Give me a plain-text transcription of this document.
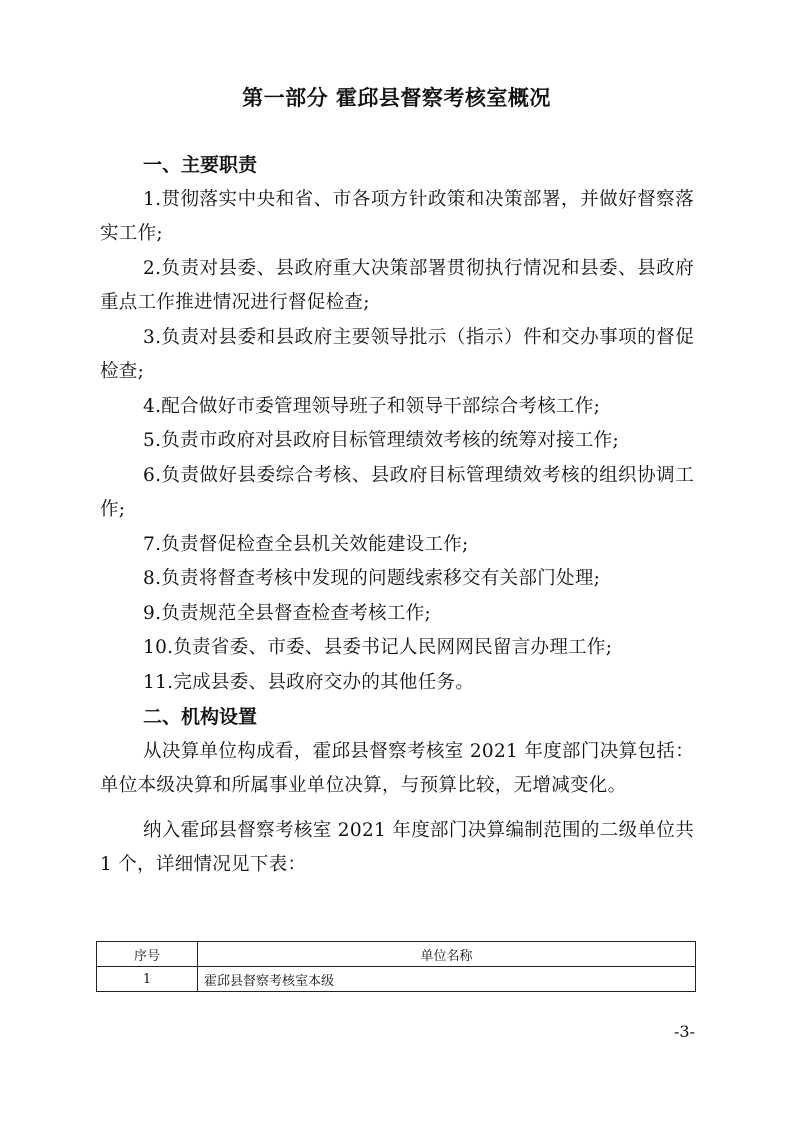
第一部分 霍邱县督察考核室概况
一、主要职责
1.贯彻落实中央和省、市各项方针政策和决策部署，并做好督察落实工作;
2.负责对县委、县政府重大决策部署贯彻执行情况和县委、县政府重点工作推进情况进行督促检查;
3.负责对县委和县政府主要领导批示（指示）件和交办事项的督促检查;
4.配合做好市委管理领导班子和领导干部综合考核工作;
5.负责市政府对县政府目标管理绩效考核的统筹对接工作;
6.负责做好县委综合考核、县政府目标管理绩效考核的组织协调工作;
7.负责督促检查全县机关效能建设工作;
8.负责将督查考核中发现的问题线索移交有关部门处理;
9.负责规范全县督查检查考核工作;
10.负责省委、市委、县委书记人民网网民留言办理工作;
11.完成县委、县政府交办的其他任务。
二、机构设置
从决算单位构成看，霍邱县督察考核室 2021 年度部门决算包括：单位本级决算和所属事业单位决算，与预算比较，无增减变化。
纳入霍邱县督察考核室 2021 年度部门决算编制范围的二级单位共 1 个，详细情况见下表：
序号	单位名称
1	霍邱县督察考核室本级
-3-
